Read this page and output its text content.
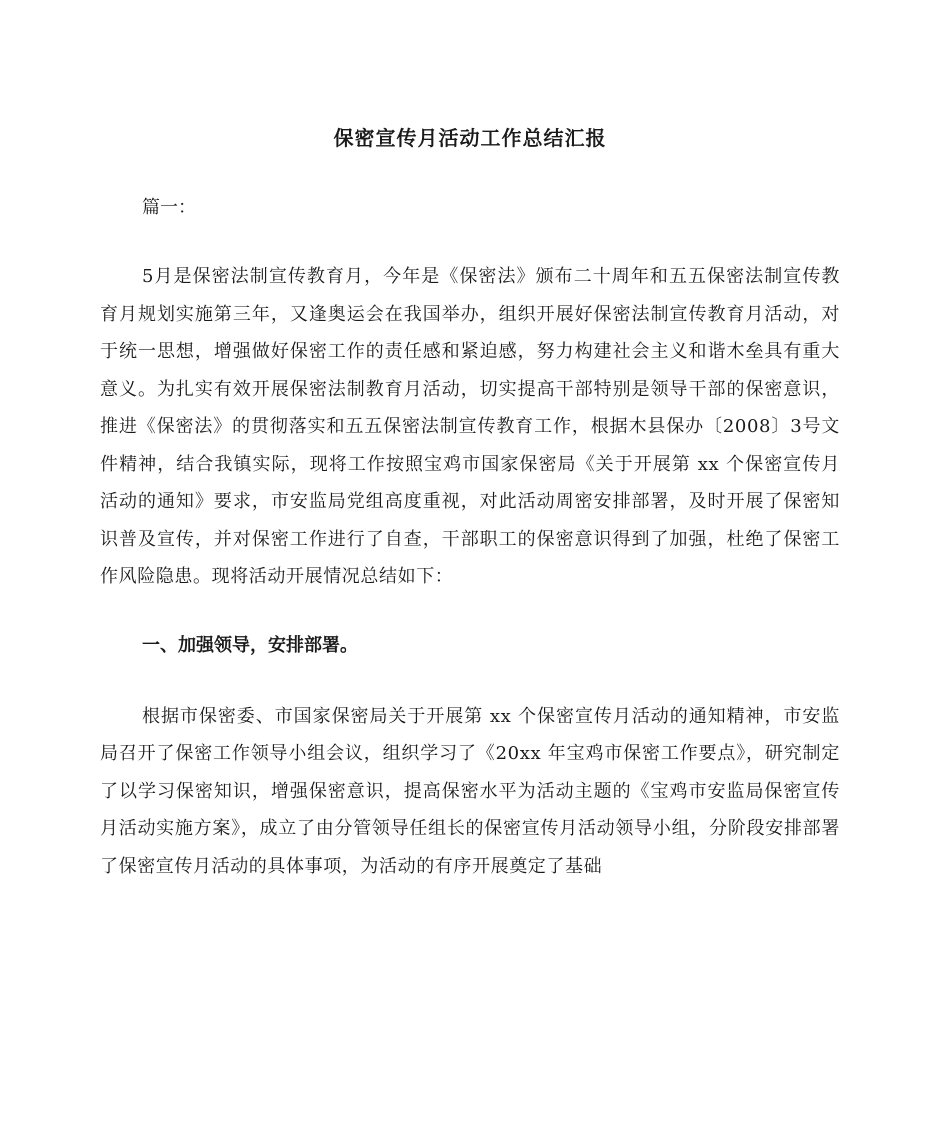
保密宣传月活动工作总结汇报
篇一：

5月是保密法制宣传教育月，今年是《保密法》颁布二十周年和五五保密法制宣传教育月规划实施第三年，又逢奥运会在我国举办，组织开展好保密法制宣传教育月活动，对于统一思想，增强做好保密工作的责任感和紧迫感，努力构建社会主义和谐木垒具有重大意义。为扎实有效开展保密法制教育月活动，切实提高干部特别是领导干部的保密意识，推进《保密法》的贯彻落实和五五保密法制宣传教育工作，根据木县保办〔2008〕3号文件精神，结合我镇实际，现将工作按照宝鸡市国家保密局《关于开展第 xx 个保密宣传月活动的通知》要求，市安监局党组高度重视，对此活动周密安排部署，及时开展了保密知识普及宣传，并对保密工作进行了自查，干部职工的保密意识得到了加强，杜绝了保密工作风险隐患。现将活动开展情况总结如下：

一、加强领导，安排部署。

根据市保密委、市国家保密局关于开展第 xx 个保密宣传月活动的通知精神，市安监局召开了保密工作领导小组会议，组织学习了《20xx 年宝鸡市保密工作要点》，研究制定了以学习保密知识，增强保密意识，提高保密水平为活动主题的《宝鸡市安监局保密宣传月活动实施方案》，成立了由分管领导任组长的保密宣传月活动领导小组，分阶段安排部署了保密宣传月活动的具体事项，为活动的有序开展奠定了基础
